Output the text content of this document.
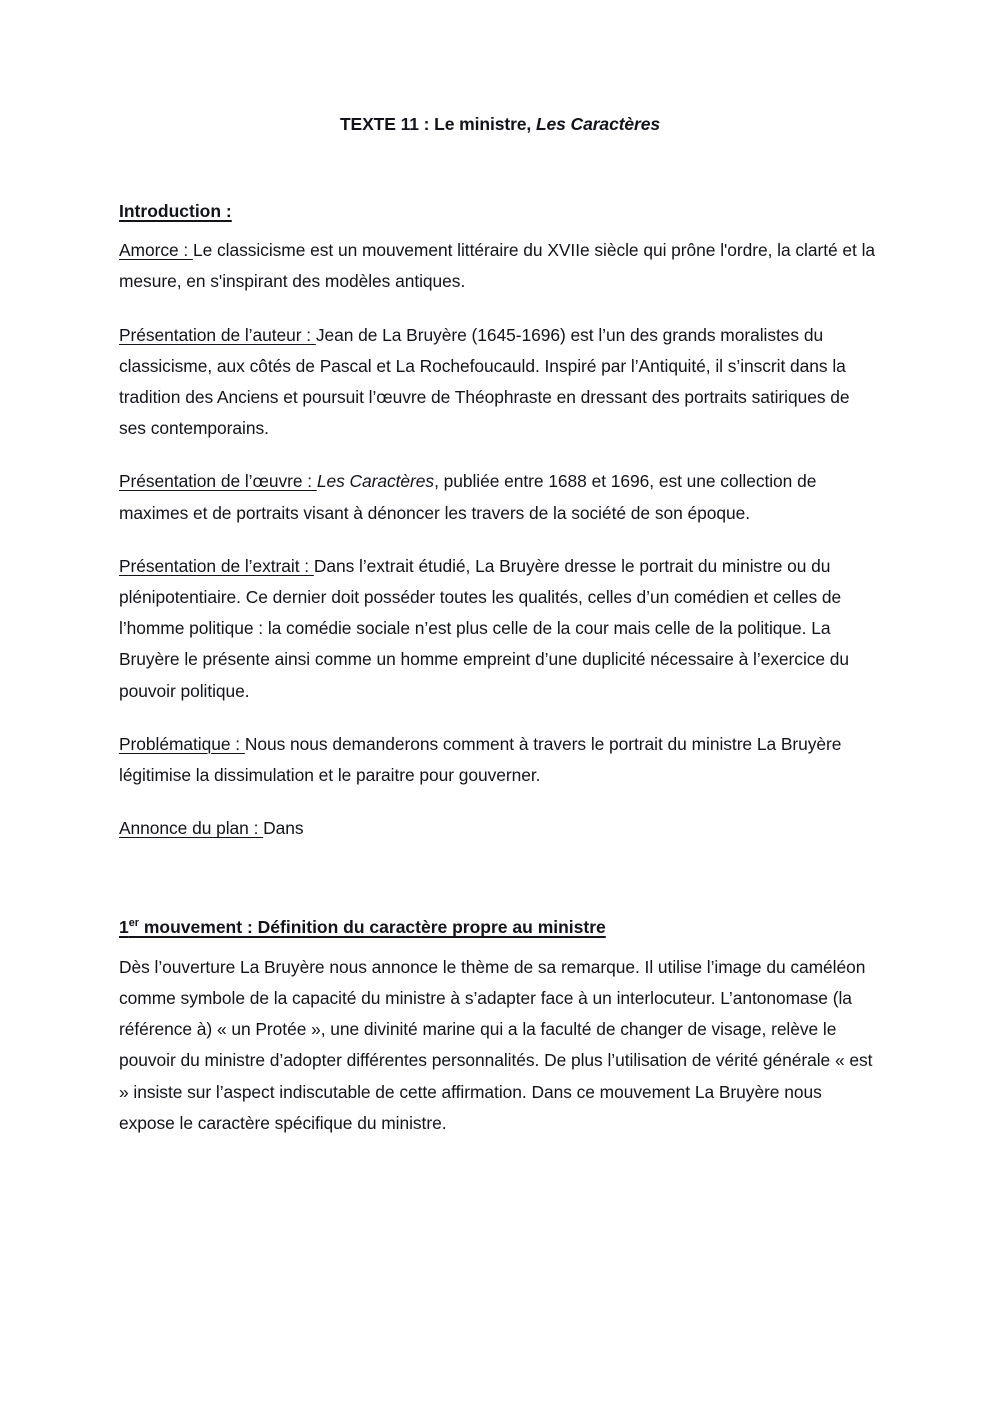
TEXTE 11 : Le ministre, Les Caractères
Introduction :

Amorce : Le classicisme est un mouvement littéraire du XVIIe siècle qui prône l'ordre, la clarté et la mesure, en s'inspirant des modèles antiques.

Présentation de l’auteur : Jean de La Bruyère (1645-1696) est l’un des grands moralistes du classicisme, aux côtés de Pascal et La Rochefoucauld. Inspiré par l’Antiquité, il s’inscrit dans la tradition des Anciens et poursuit l’œuvre de Théophraste en dressant des portraits satiriques de ses contemporains.

Présentation de l’œuvre : Les Caractères, publiée entre 1688 et 1696, est une collection de maximes et de portraits visant à dénoncer les travers de la société de son époque.

Présentation de l’extrait : Dans l’extrait étudié, La Bruyère dresse le portrait du ministre ou du plénipotentiaire. Ce dernier doit posséder toutes les qualités, celles d’un comédien et celles de l’homme politique : la comédie sociale n’est plus celle de la cour mais celle de la politique. La Bruyère le présente ainsi comme un homme empreint d’une duplicité nécessaire à l’exercice du pouvoir politique.

Problématique : Nous nous demanderons comment à travers le portrait du ministre La Bruyère légitimise la dissimulation et le paraitre pour gouverner.

Annonce du plan : Dans

1er mouvement : Définition du caractère propre au ministre

Dès l’ouverture La Bruyère nous annonce le thème de sa remarque. Il utilise l’image du caméléon comme symbole de la capacité du ministre à s’adapter face à un interlocuteur. L’antonomase (la référence à) « un Protée », une divinité marine qui a la faculté de changer de visage, relève le pouvoir du ministre d’adopter différentes personnalités. De plus l’utilisation de vérité générale « est » insiste sur l’aspect indiscutable de cette affirmation. Dans ce mouvement La Bruyère nous expose le caractère spécifique du ministre.
